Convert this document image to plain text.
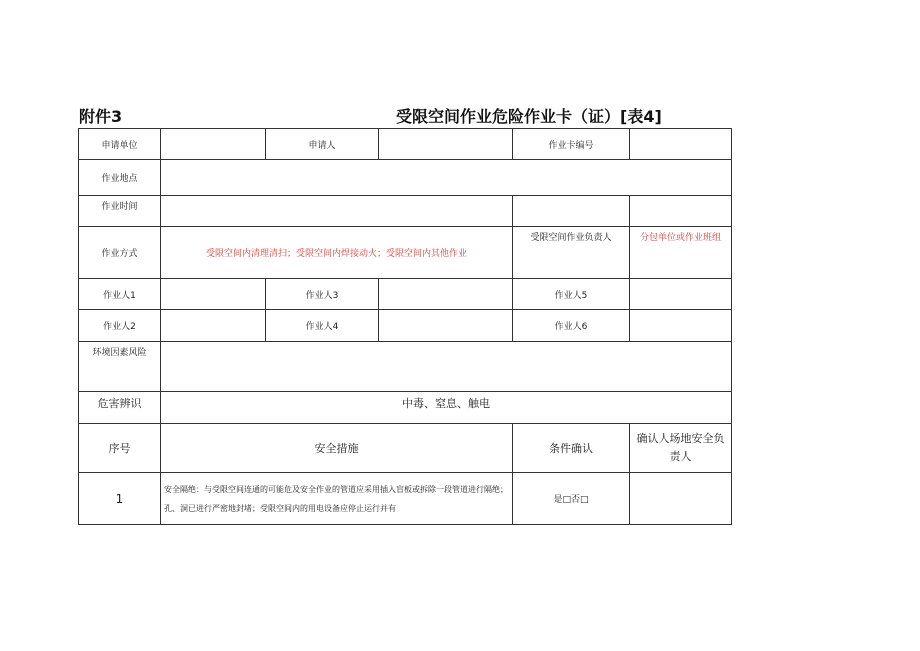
附件3	受限空间作业危险作业卡（证）[表4]
申请单位		申请人		作业卡编号	
作业地点					
作业时间					
作业方式	受限空间内清理清扫；受限空间内焊接动火；受限空间内其他作业			受限空间作业负责人	分包单位或作业班组
作业人1		作业人3		作业人5	
作业人2		作业人4		作业人6	
环境因素风险					
危害辨识	中毒、窒息、触电				
序号	安全措施			条件确认	确认人场地安全负责人
1	安全隔绝：与受限空间连通的可能危及安全作业的管道应采用插入盲板或拆除一段管道进行隔绝；孔、洞已进行严密地封堵；受限空间内的用电设备应停止运行并有			是□否□	
